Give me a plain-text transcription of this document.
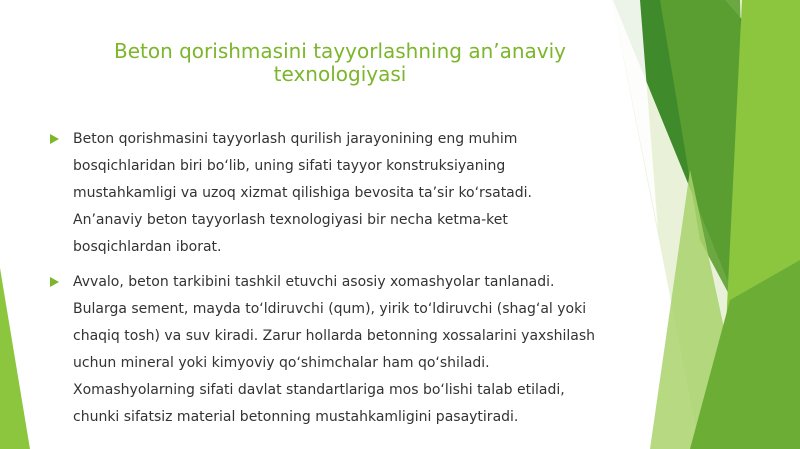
Beton qorishmasini tayyorlashning an’anaviy
texnologiyasi
Beton qorishmasini tayyorlash qurilish jarayonining eng muhim bosqichlaridan biri bo‘lib, uning sifati tayyor konstruksiyaning mustahkamligi va uzoq xizmat qilishiga bevosita ta’sir ko‘rsatadi. An’anaviy beton tayyorlash texnologiyasi bir necha ketma-ket bosqichlardan iborat.
Avvalo, beton tarkibini tashkil etuvchi asosiy xomashyolar tanlanadi. Bularga sement, mayda to‘ldiruvchi (qum), yirik to‘ldiruvchi (shag‘al yoki chaqiq tosh) va suv kiradi. Zarur hollarda betonning xossalarini yaxshilash uchun mineral yoki kimyoviy qo‘shimchalar ham qo‘shiladi. Xomashyolarning sifati davlat standartlariga mos bo‘lishi talab etiladi, chunki sifatsiz material betonning mustahkamligini pasaytiradi.
